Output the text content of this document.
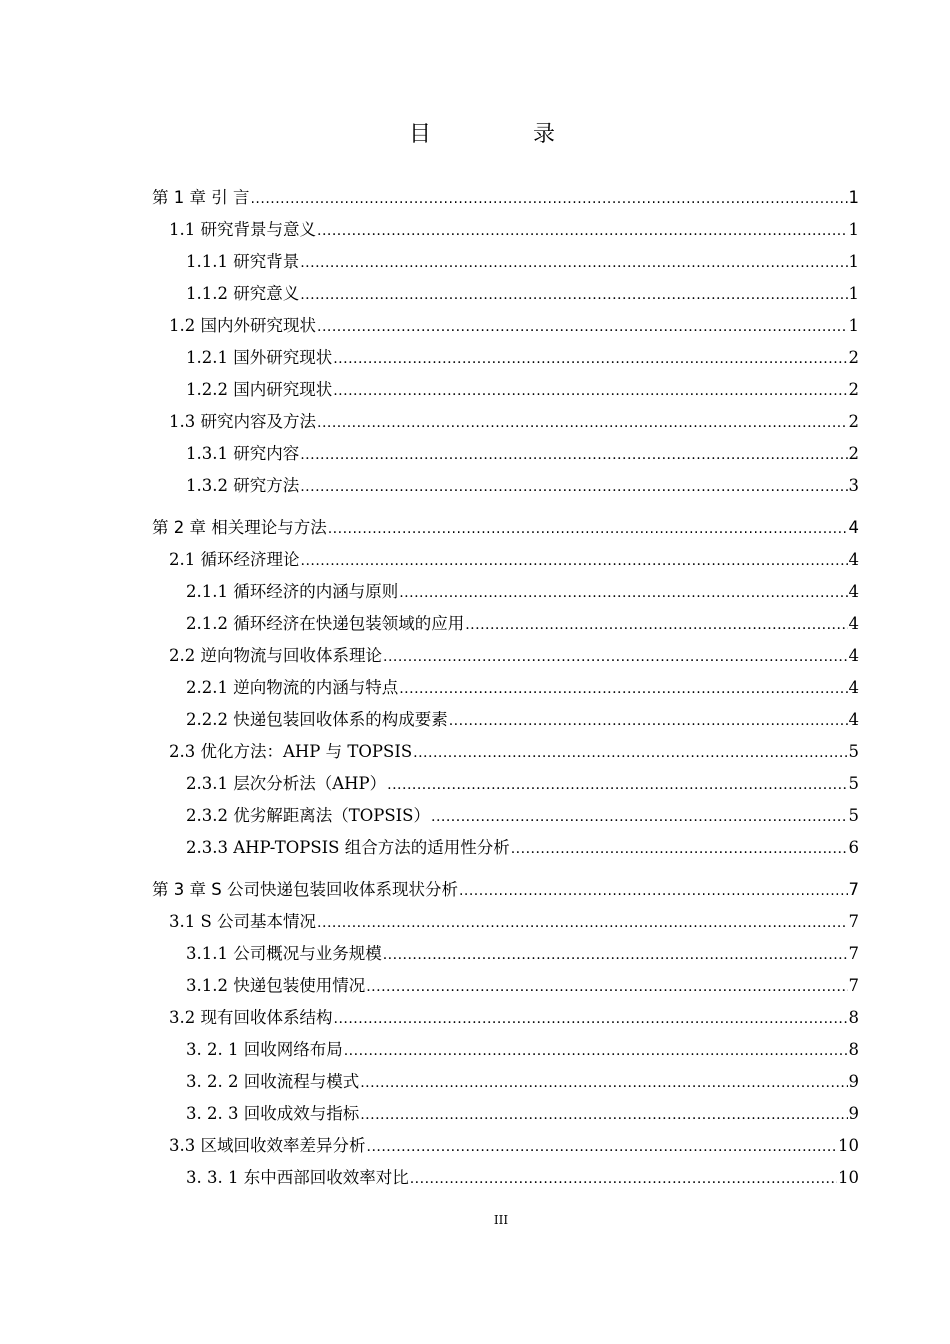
目　录
第 1 章 引 言 .....	1
1.1 研究背景与意义 .....	1
1.1.1 研究背景 .....	1
1.1.2 研究意义 .....	1
1.2 国内外研究现状 .....	1
1.2.1 国外研究现状 .....	2
1.2.2 国内研究现状 .....	2
1.3 研究内容及方法 .....	2
1.3.1 研究内容 .....	2
1.3.2 研究方法 .....	3
第 2 章 相关理论与方法 .....	4
2.1 循环经济理论 .....	4
2.1.1 循环经济的内涵与原则 .....	4
2.1.2 循环经济在快递包装领域的应用 .....	4
2.2 逆向物流与回收体系理论 .....	4
2.2.1 逆向物流的内涵与特点 .....	4
2.2.2 快递包装回收体系的构成要素 .....	4
2.3 优化方法：AHP 与 TOPSIS .....	5
2.3.1 层次分析法（AHP） .....	5
2.3.2 优劣解距离法（TOPSIS） .....	5
2.3.3 AHP-TOPSIS 组合方法的适用性分析 .....	6
第 3 章 S 公司快递包装回收体系现状分析 .....	7
3.1 S 公司基本情况 .....	7
3.1.1 公司概况与业务规模 .....	7
3.1.2 快递包装使用情况 .....	7
3.2 现有回收体系结构 .....	8
3. 2. 1 回收网络布局 .....	8
3. 2. 2 回收流程与模式 .....	9
3. 2. 3 回收成效与指标 .....	9
3.3 区域回收效率差异分析 .....	10
3. 3. 1 东中西部回收效率对比 .....	10
III
